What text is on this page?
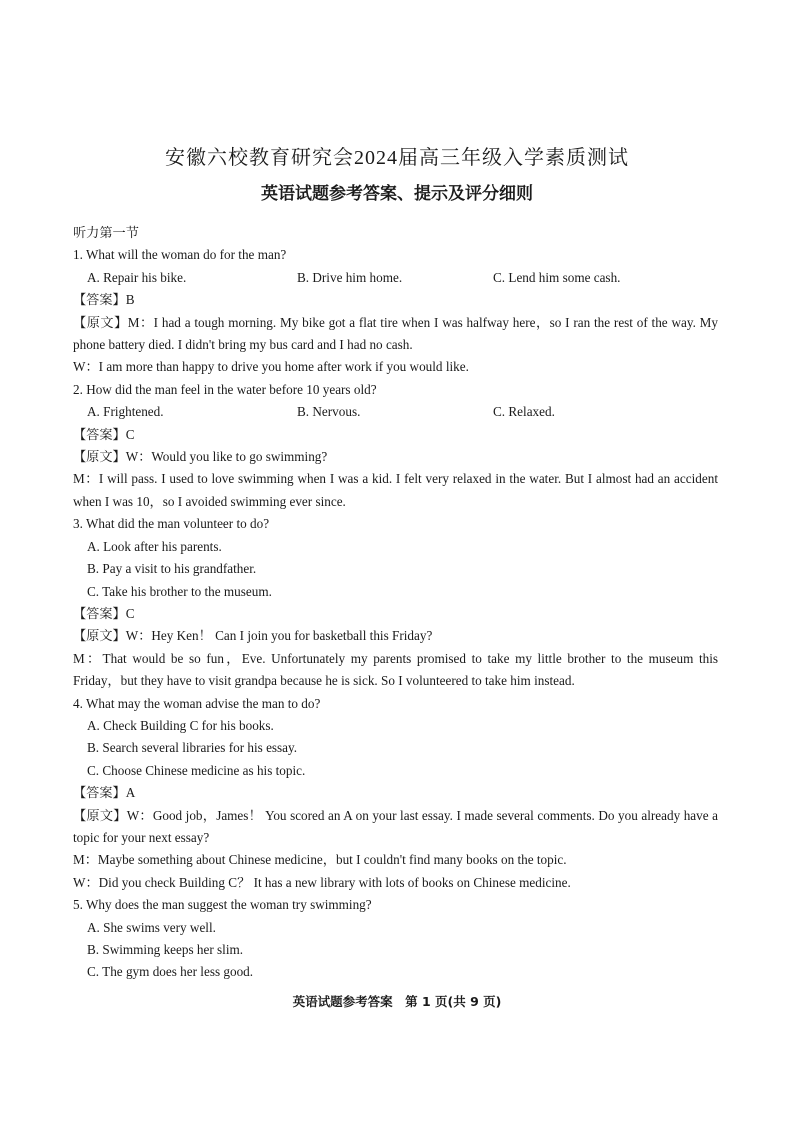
安徽六校教育研究会2024届高三年级入学素质测试
英语试题参考答案、提示及评分细则

听力第一节

1. What will the woman do for the man?

A. Repair his bike.	B. Drive him home.	C. Lend him some cash.

【答案】B

【原文】M：I had a tough morning. My bike got a flat tire when I was halfway here，so I ran the rest of the way. My phone battery died. I didn't bring my bus card and I had no cash.

W：I am more than happy to drive you home after work if you would like.

2. How did the man feel in the water before 10 years old?

A. Frightened.	B. Nervous.	C. Relaxed.

【答案】C

【原文】W：Would you like to go swimming?

M：I will pass. I used to love swimming when I was a kid. I felt very relaxed in the water. But I almost had an accident when I was 10，so I avoided swimming ever since.

3. What did the man volunteer to do?

A. Look after his parents.

B. Pay a visit to his grandfather.

C. Take his brother to the museum.

【答案】C

【原文】W：Hey Ken！ Can I join you for basketball this Friday?

M：That would be so fun，Eve. Unfortunately my parents promised to take my little brother to the museum this Friday，but they have to visit grandpa because he is sick. So I volunteered to take him instead.

4. What may the woman advise the man to do?

A. Check Building C for his books.

B. Search several libraries for his essay.

C. Choose Chinese medicine as his topic.

【答案】A

【原文】W：Good job，James！ You scored an A on your last essay. I made several comments. Do you already have a topic for your next essay?

M：Maybe something about Chinese medicine，but I couldn't find many books on the topic.

W：Did you check Building C？ It has a new library with lots of books on Chinese medicine.

5. Why does the man suggest the woman try swimming?

A. She swims very well.

B. Swimming keeps her slim.

C. The gym does her less good.

英语试题参考答案　第 1 页(共 9 页)
